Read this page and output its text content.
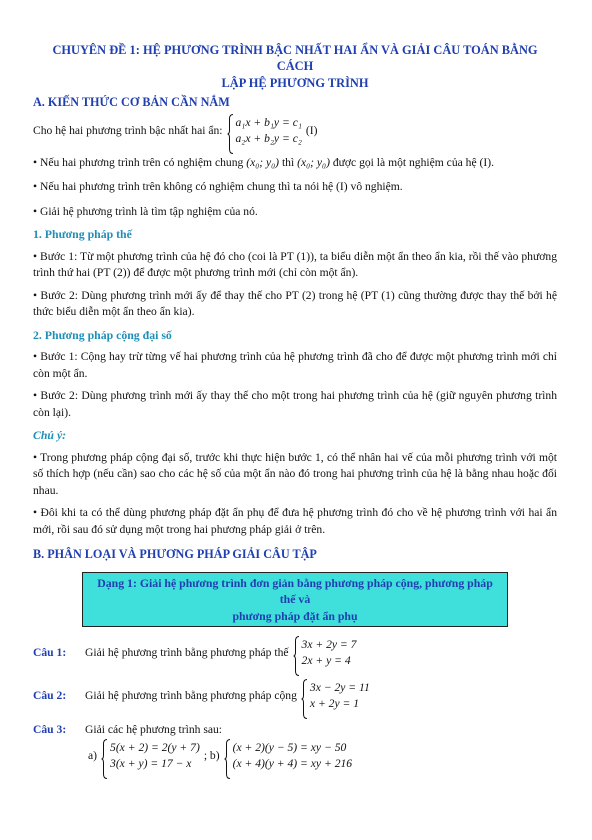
CHUYÊN ĐỀ 1: HỆ PHƯƠNG TRÌNH BẬC NHẤT HAI ẨN VÀ GIẢI CÂU TOÁN BẰNG CÁCH
LẬP HỆ PHƯƠNG TRÌNH
A. KIẾN THỨC CƠ BẢN CẦN NẮM
Cho hệ hai phương trình bậc nhất hai ẩn:
a₁x + b₁y = c₁
a₂x + b₂y = c₂
(I)

• Nếu hai phương trình trên có nghiệm chung (x₀; y₀) thì (x₀; y₀) được gọi là một nghiệm của hệ (I).

• Nếu hai phương trình trên không có nghiệm chung thì ta nói hệ (I) vô nghiệm.

• Giải hệ phương trình là tìm tập nghiệm của nó.

1. Phương pháp thế

• Bước 1: Từ một phương trình của hệ đó cho (coi là PT (1)), ta biểu diễn một ẩn theo ẩn kia, rồi thế vào phương trình thứ hai (PT (2)) để được một phương trình mới (chỉ còn một ẩn).

• Bước 2: Dùng phương trình mới ấy để thay thế cho PT (2) trong hệ (PT (1) cũng thường được thay thế bởi hệ thức biểu diễn một ẩn theo ẩn kia).

2. Phương pháp cộng đại số

• Bước 1: Cộng hay trừ từng vế hai phương trình của hệ phương trình đã cho để được một phương trình mới chỉ còn một ẩn.

• Bước 2: Dùng phương trình mới ấy thay thế cho một trong hai phương trình của hệ (giữ nguyên phương trình còn lại).

Chú ý:

• Trong phương pháp cộng đại số, trước khi thực hiện bước 1, có thể nhân hai vế của mỗi phương trình với một số thích hợp (nếu cần) sao cho các hệ số của một ẩn nào đó trong hai phương trình của hệ là bằng nhau hoặc đối nhau.

• Đôi khi ta có thể dùng phương pháp đặt ẩn phụ để đưa hệ phương trình đó cho về hệ phương trình với hai ẩn mới, rồi sau đó sử dụng một trong hai phương pháp giải ở trên.

B. PHÂN LOẠI VÀ PHƯƠNG PHÁP GIẢI CÂU TẬP
Dạng 1: Giải hệ phương trình đơn giản bằng phương pháp cộng, phương pháp thế và
phương pháp đặt ẩn phụ
Câu 1:	Giải hệ phương trình bằng phương pháp thế
3x + 2y = 7
2x + y = 4
Câu 2:	Giải hệ phương trình bằng phương pháp cộng
3x − 2y = 11
x + 2y = 1
Câu 3:	Giải các hệ phương trình sau:
a)
5(x + 2) = 2(y + 7)
3(x + y) = 17 − x
; b)
(x + 2)(y − 5) = xy − 50
(x + 4)(y + 4) = xy + 216
